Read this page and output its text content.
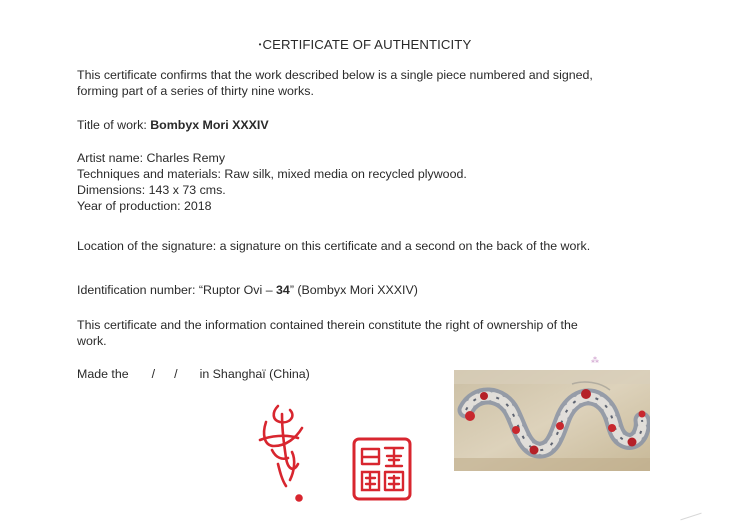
•CERTIFICATE OF AUTHENTICITY
This certificate confirms that the work described below is a single piece numbered and signed,
forming part of a series of thirty nine works.
Title of work: Bombyx Mori XXXIV
Artist name: Charles Remy
Techniques and materials: Raw silk, mixed media on recycled plywood.
Dimensions: 143 x 73 cms.
Year of production: 2018
Location of the signature: a signature on this certificate and a second on the back of the work.
Identification number: “Ruptor Ovi – 34” (Bombyx Mori XXXIV)
This certificate and the information contained therein constitute the right of ownership of the
work.
Made the / / in Shanghaï (China)
⁂
